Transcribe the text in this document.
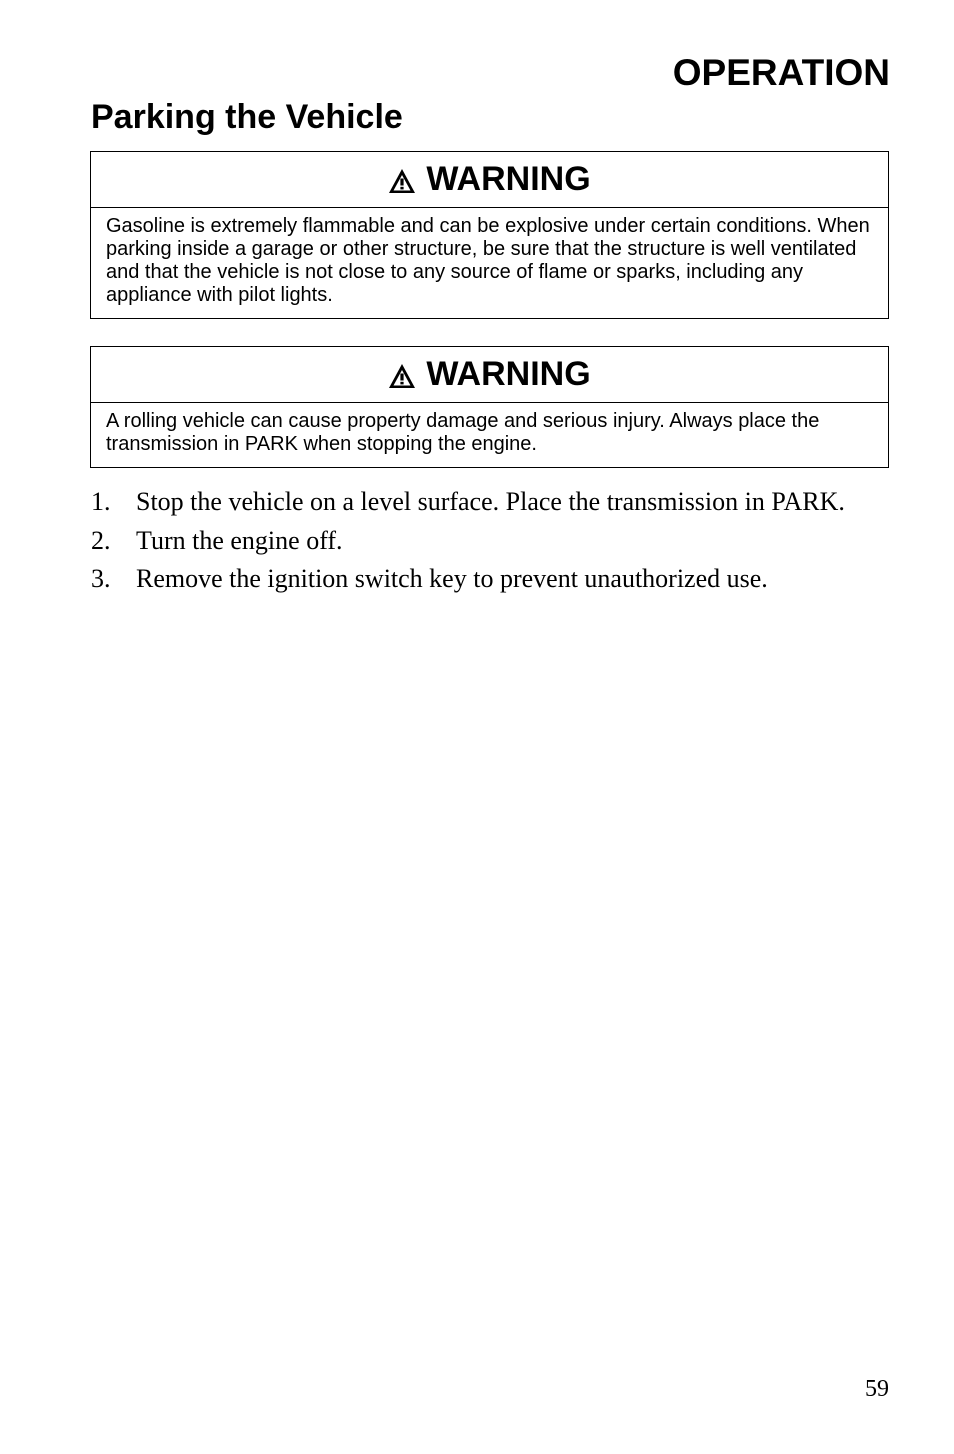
OPERATION
Parking the Vehicle
WARNING
Gasoline is extremely flammable and can be explosive under certain conditions. When parking inside a garage or other structure, be sure that the structure is well ventilated and that the vehicle is not close to any source of flame or sparks, including any appliance with pilot lights.
WARNING
A rolling vehicle can cause property damage and serious injury. Always place the transmission in PARK when stopping the engine.
1. Stop the vehicle on a level surface. Place the transmission in PARK.
2. Turn the engine off.
3. Remove the ignition switch key to prevent unauthorized use.
59
